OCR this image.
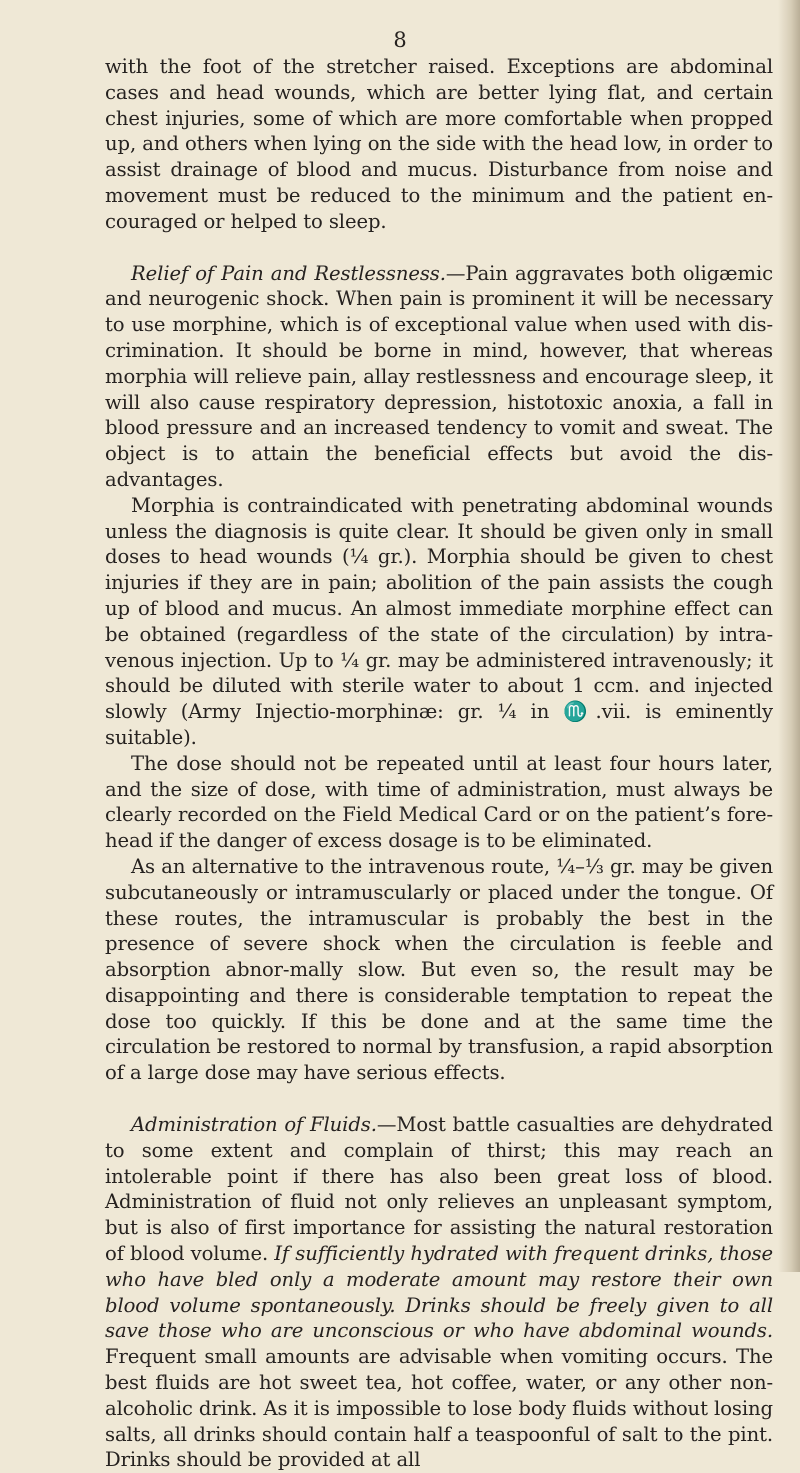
8

with the foot of the stretcher raised. Exceptions are abdominal cases and head wounds, which are better lying flat, and certain chest injuries, some of which are more comfortable when propped up, and others when lying on the side with the head low, in order to assist drainage of blood and mucus. Disturbance from noise and movement must be reduced to the minimum and the patient en-couraged or helped to sleep.

Relief of Pain and Restlessness.—Pain aggravates both oligæmic and neurogenic shock. When pain is prominent it will be necessary to use morphine, which is of exceptional value when used with dis-crimination. It should be borne in mind, however, that whereas morphia will relieve pain, allay restlessness and encourage sleep, it will also cause respiratory depression, histotoxic anoxia, a fall in blood pressure and an increased tendency to vomit and sweat. The object is to attain the beneficial effects but avoid the dis-advantages.

Morphia is contraindicated with penetrating abdominal wounds unless the diagnosis is quite clear. It should be given only in small doses to head wounds (¼ gr.). Morphia should be given to chest injuries if they are in pain; abolition of the pain assists the cough up of blood and mucus. An almost immediate morphine effect can be obtained (regardless of the state of the circulation) by intra-venous injection. Up to ¼ gr. may be administered intravenously; it should be diluted with sterile water to about 1 ccm. and injected slowly (Army Injectio-morphinæ: gr. ¼ in ♏.vii. is eminently suitable).

The dose should not be repeated until at least four hours later, and the size of dose, with time of administration, must always be clearly recorded on the Field Medical Card or on the patient’s fore-head if the danger of excess dosage is to be eliminated.

As an alternative to the intravenous route, ¼–⅓ gr. may be given subcutaneously or intramuscularly or placed under the tongue. Of these routes, the intramuscular is probably the best in the presence of severe shock when the circulation is feeble and absorption abnor-mally slow. But even so, the result may be disappointing and there is considerable temptation to repeat the dose too quickly. If this be done and at the same time the circulation be restored to normal by transfusion, a rapid absorption of a large dose may have serious effects.

Administration of Fluids.—Most battle casualties are dehydrated to some extent and complain of thirst; this may reach an intolerable point if there has also been great loss of blood. Administration of fluid not only relieves an unpleasant symptom, but is also of first importance for assisting the natural restoration of blood volume. If sufficiently hydrated with frequent drinks, those who have bled only a moderate amount may restore their own blood volume spontaneously. Drinks should be freely given to all save those who are unconscious or who have abdominal wounds. Frequent small amounts are advisable when vomiting occurs. The best fluids are hot sweet tea, hot coffee, water, or any other non-alcoholic drink. As it is impossible to lose body fluids without losing salts, all drinks should contain half a teaspoonful of salt to the pint. Drinks should be provided at all
